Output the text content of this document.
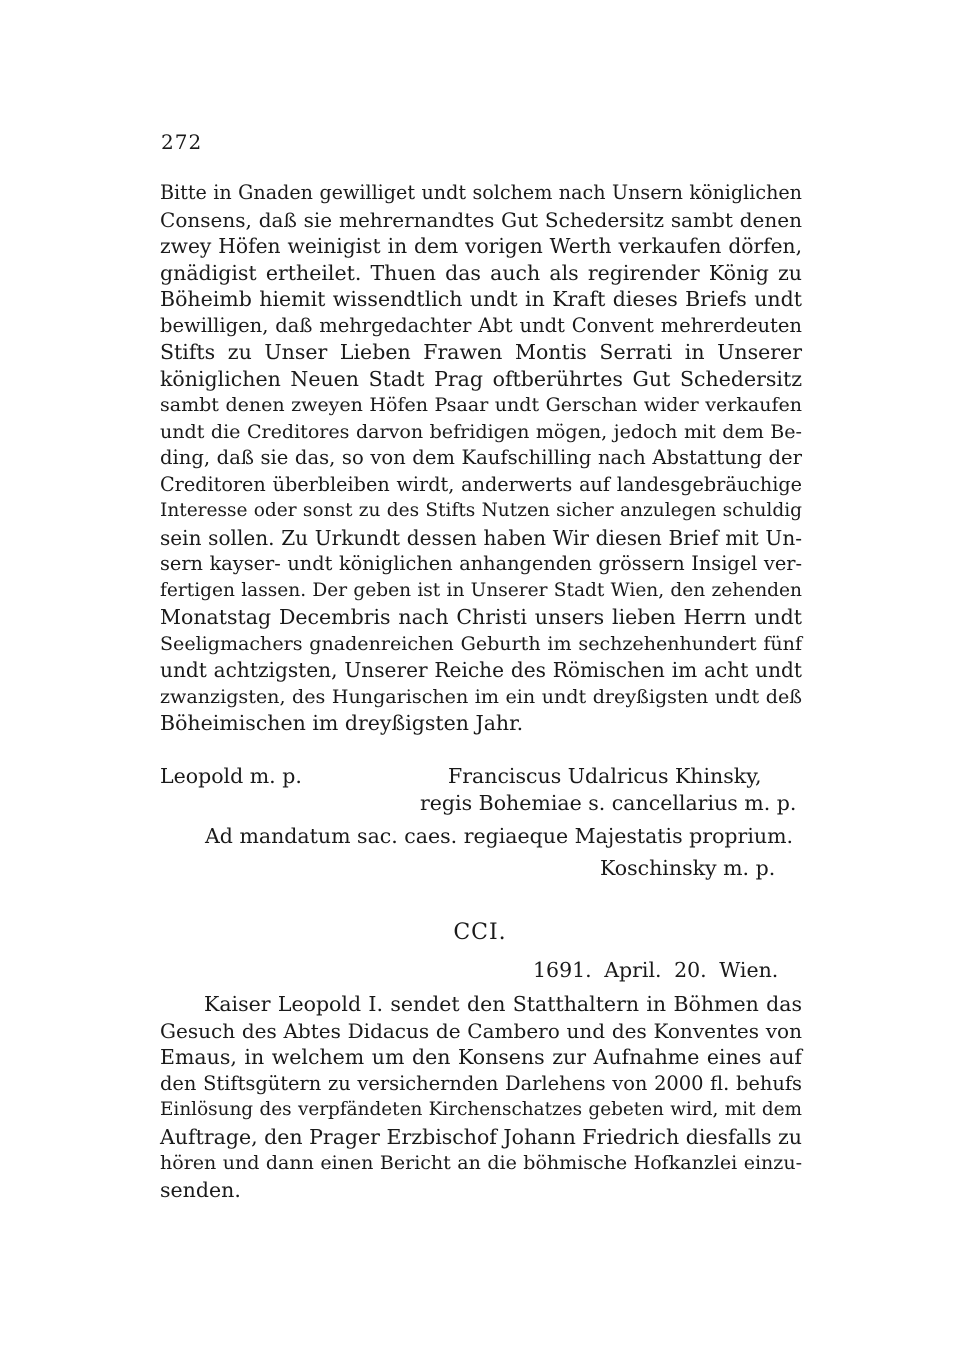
272
Bitte in Gnaden gewilliget undt solchem nach Unsern königlichen
Consens, daß sie mehrernandtes Gut Schedersitz sambt denen
zwey Höfen weinigist in dem vorigen Werth verkaufen dörfen,
gnädigist ertheilet. Thuen das auch als regirender König zu
Böheimb hiemit wissendtlich undt in Kraft dieses Briefs undt
bewilligen, daß mehrgedachter Abt undt Convent mehrerdeuten
Stifts zu Unser Lieben Frawen Montis Serrati in Unserer
königlichen Neuen Stadt Prag oftberührtes Gut Schedersitz
sambt denen zweyen Höfen Psaar undt Gerschan wider verkaufen
undt die Creditores darvon befridigen mögen, jedoch mit dem Be-
ding, daß sie das, so von dem Kaufschilling nach Abstattung der
Creditoren überbleiben wirdt, anderwerts auf landesgebräuchige
Interesse oder sonst zu des Stifts Nutzen sicher anzulegen schuldig
sein sollen. Zu Urkundt dessen haben Wir diesen Brief mit Un-
sern kayser- undt königlichen anhangenden grössern Insigel ver-
fertigen lassen. Der geben ist in Unserer Stadt Wien, den zehenden
Monatstag Decembris nach Christi unsers lieben Herrn undt
Seeligmachers gnadenreichen Geburth im sechzehenhundert fünf
undt achtzigsten, Unserer Reiche des Römischen im acht undt
zwanzigsten, des Hungarischen im ein undt dreyßigsten undt deß
Böheimischen im dreyßigsten Jahr.
Leopold m. p.	Franciscus Udalricus Khinsky,
regis Bohemiae s. cancellarius m. p.
Ad mandatum sac. caes. regiaeque Majestatis proprium.
Koschinsky m. p.
CCI.
1691. April. 20. Wien.
Kaiser Leopold I. sendet den Statthaltern in Böhmen das
Gesuch des Abtes Didacus de Cambero und des Konventes von
Emaus, in welchem um den Konsens zur Aufnahme eines auf
den Stiftsgütern zu versichernden Darlehens von 2000 fl. behufs
Einlösung des verpfändeten Kirchenschatzes gebeten wird, mit dem
Auftrage, den Prager Erzbischof Johann Friedrich diesfalls zu
hören und dann einen Bericht an die böhmische Hofkanzlei einzu-
senden.
